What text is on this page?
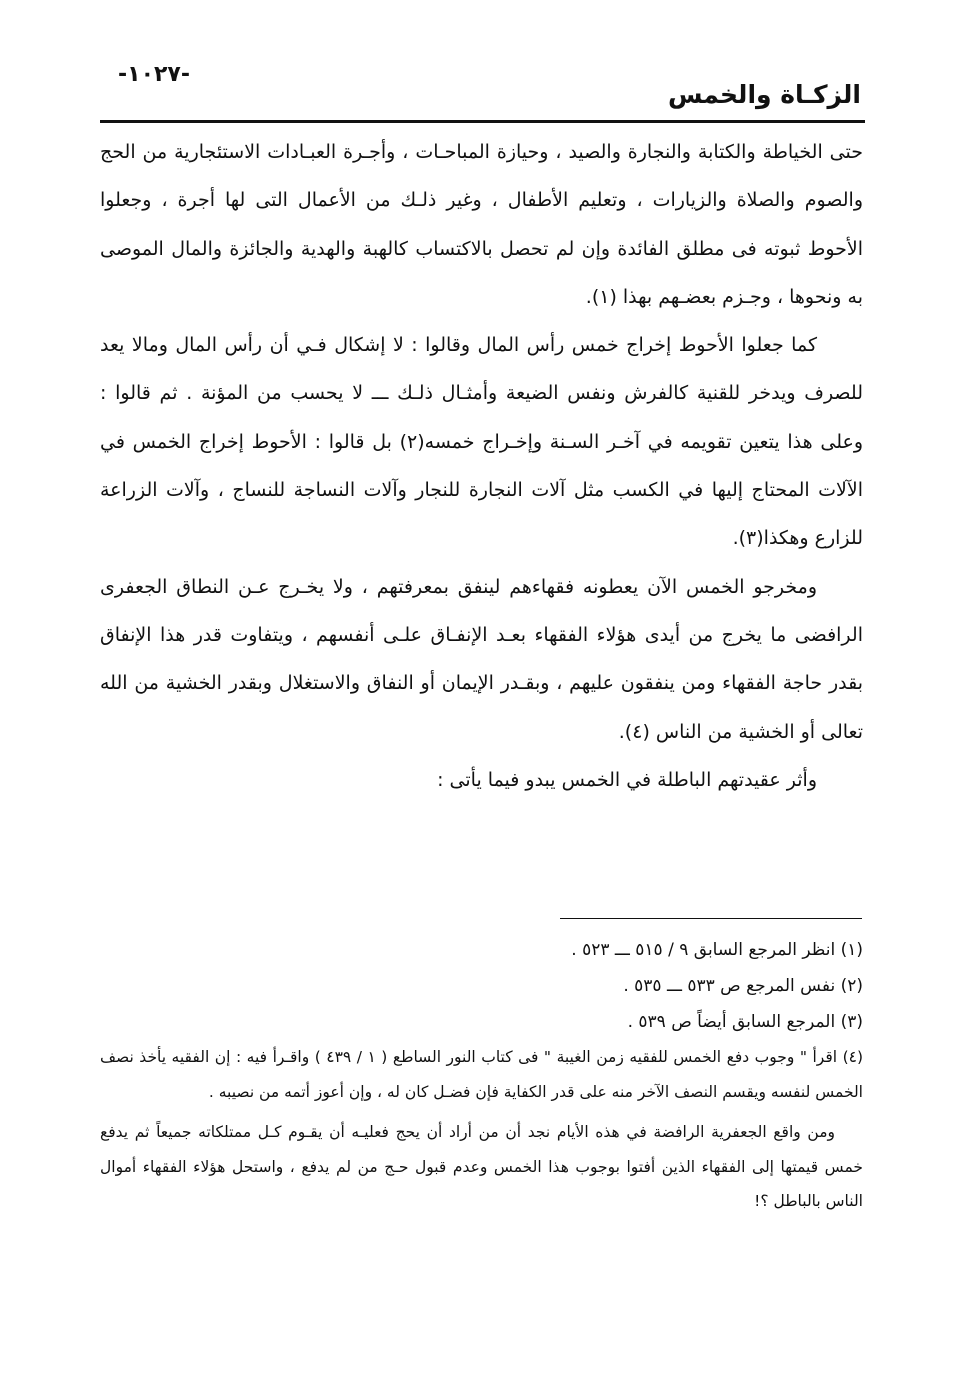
-١٠٢٧-
الزكـاة والخمس

حتى الخياطة والكتابة والنجارة والصيد ، وحيازة المباحـات ، وأجـرة العبـادات الاستئجارية من الحج والصوم والصلاة والزيارات ، وتعليم الأطفال ، وغير ذلـك من الأعمال التى لها أجرة ، وجعلوا الأحوط ثبوته فى مطلق الفائدة وإن لم تحصل بالاكتساب كالهبة والهدية والجائزة والمال الموصى به ونحوها ، وجـزم بعضـهم بهذا (١).

كما جعلوا الأحوط إخراج خمس رأس المال وقالوا : لا إشكال فـي أن رأس المال ومالا يعد للصرف ويدخر للقنية كالفرش ونفس الضيعة وأمثـال ذلـك ـــ لا يحسب من المؤنة . ثم قالوا : وعلى هذا يتعين تقويمه في آخـر السـنة وإخـراج خمسه(٢) بل قالوا : الأحوط إخراج الخمس في الآلات المحتاج إليها في الكسب مثل آلات النجارة للنجار وآلات النساجة للنساج ، وآلات الزراعة للزارع وهكذا(٣).

ومخرجو الخمس الآن يعطونه فقهاءهم لينفق بمعرفتهم ، ولا يخـرج عـن النطاق الجعفرى الرافضى ما يخرج من أيدى هؤلاء الفقهاء بعـد الإنفـاق علـى أنفسهم ، ويتفاوت قدر هذا الإنفاق بقدر حاجة الفقهاء ومن ينفقون عليهم ، وبقـدر الإيمان أو النفاق والاستغلال وبقدر الخشية من الله تعالى أو الخشية من الناس (٤).

وأثر عقيدتهم الباطلة في الخمس يبدو فيما يأتى :

(١) انظر المرجع السابق ٩ / ٥١٥ ـــ ٥٢٣ .

(٢) نفس المرجع ص ٥٣٣ ـــ ٥٣٥ .

(٣) المرجع السابق أيضاً ص ٥٣٩ .

(٤) اقرأ " وجوب دفع الخمس للفقيه زمن الغيبة " فى كتاب النور الساطع ( ١ / ٤٣٩ ) واقـرأ فيه : إن الفقيه يأخذ نصف الخمس لنفسه ويقسم النصف الآخر منه على قدر الكفاية فإن فضـل كان له ، وإن أعوز أتمه من نصيبه .

ومن واقع الجعفرية الرافضة في هذه الأيام نجد أن من أراد أن يحج فعليـه أن يقـوم كـل ممتلكاته جميعاً ثم يدفع خمس قيمتها إلى الفقهاء الذين أفتوا بوجوب هذا الخمس وعدم قبول حـج من لم يدفع ، واستحل هؤلاء الفقهاء أموال الناس بالباطل ؟!
